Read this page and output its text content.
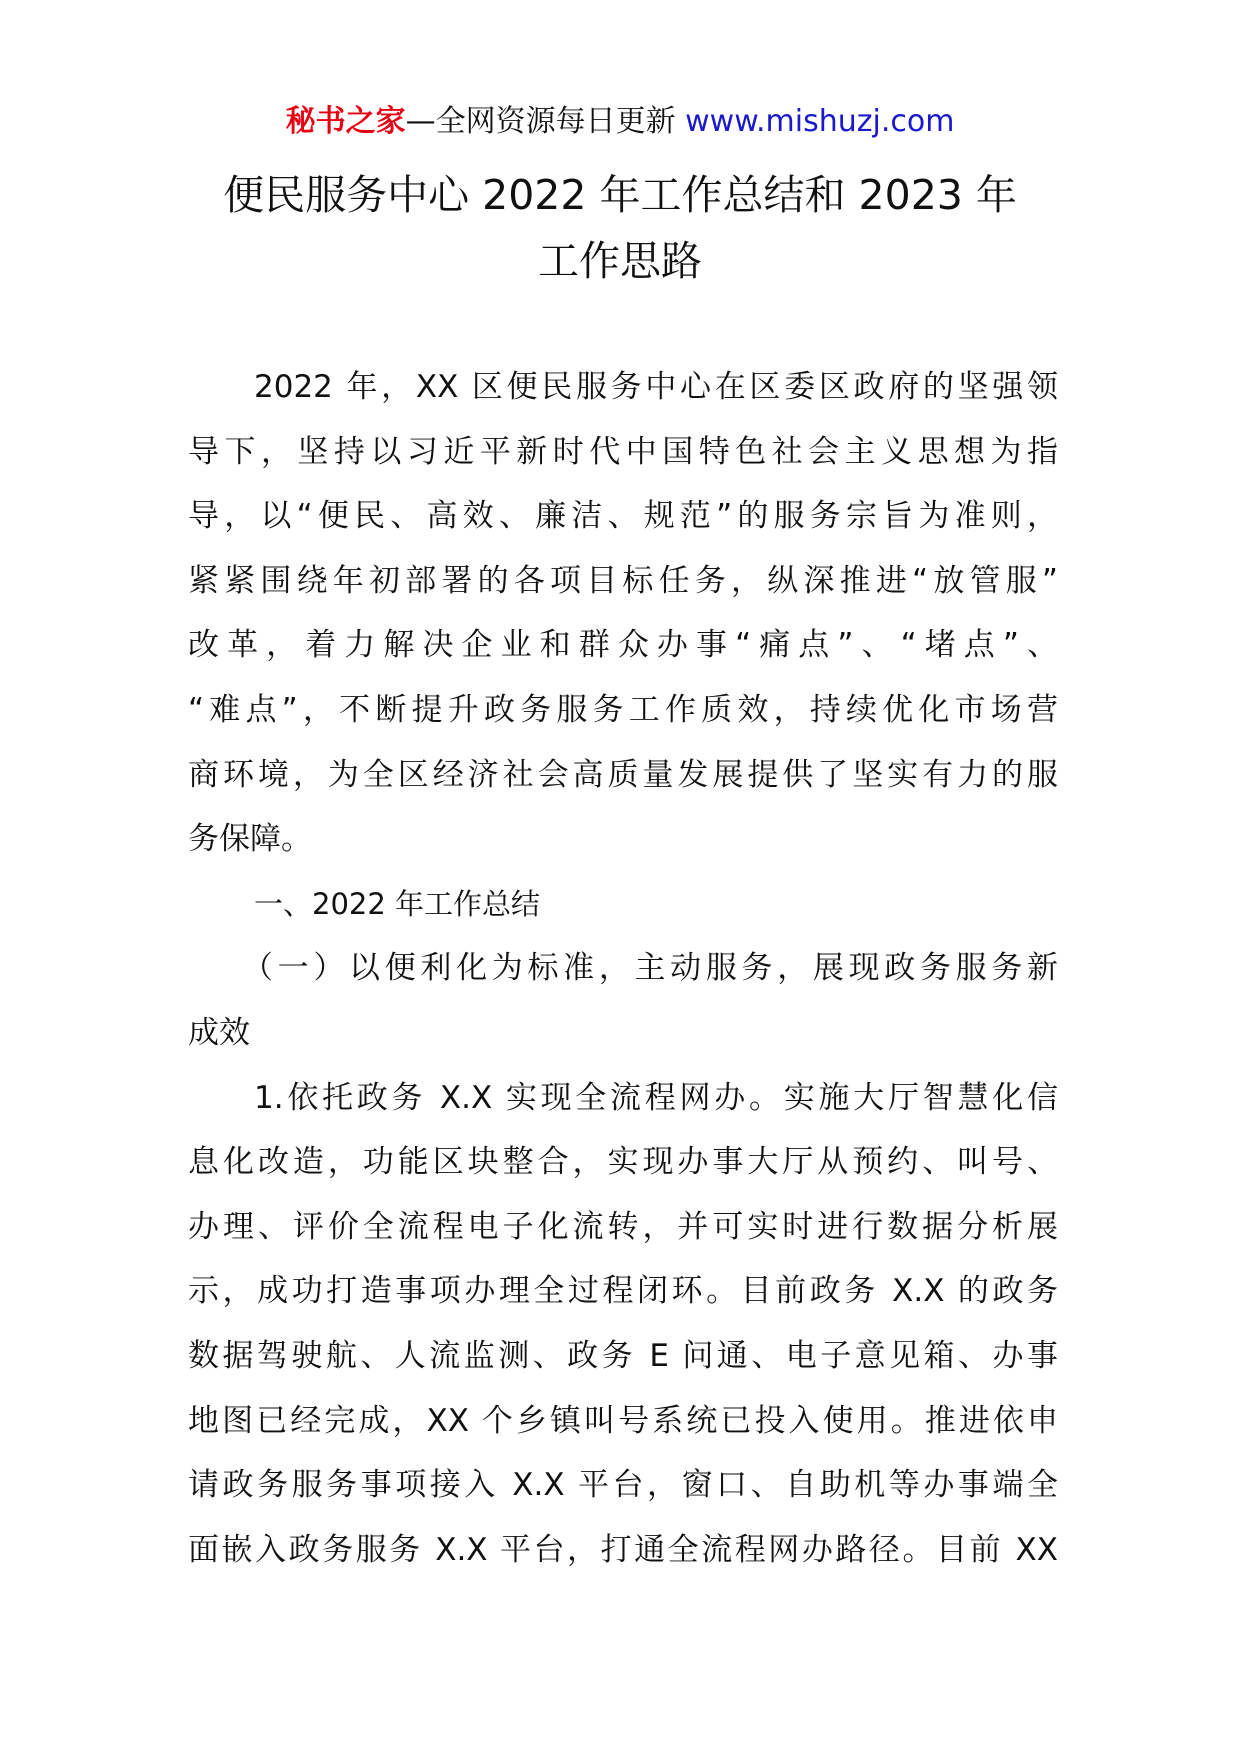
秘书之家—全网资源每日更新 www.mishuzj.com
便民服务中心 2022 年工作总结和 2023 年
工作思路
2022 年，XX 区便民服务中心在区委区政府的坚强领
导下，坚持以习近平新时代中国特色社会主义思想为指
导，以“便民、高效、廉洁、规范”的服务宗旨为准则，
紧紧围绕年初部署的各项目标任务，纵深推进“放管服”
改革，着力解决企业和群众办事“痛点”、“堵点”、
“难点”，不断提升政务服务工作质效，持续优化市场营
商环境，为全区经济社会高质量发展提供了坚实有力的服
务保障。
一、2022 年工作总结
（一）以便利化为标准，主动服务，展现政务服务新
成效
1.依托政务 X.X 实现全流程网办。实施大厅智慧化信
息化改造，功能区块整合，实现办事大厅从预约、叫号、
办理、评价全流程电子化流转，并可实时进行数据分析展
示，成功打造事项办理全过程闭环。目前政务 X.X 的政务
数据驾驶航、人流监测、政务 E 问通、电子意见箱、办事
地图已经完成，XX 个乡镇叫号系统已投入使用。推进依申
请政务服务事项接入 X.X 平台，窗口、自助机等办事端全
面嵌入政务服务 X.X 平台，打通全流程网办路径。目前 XX
